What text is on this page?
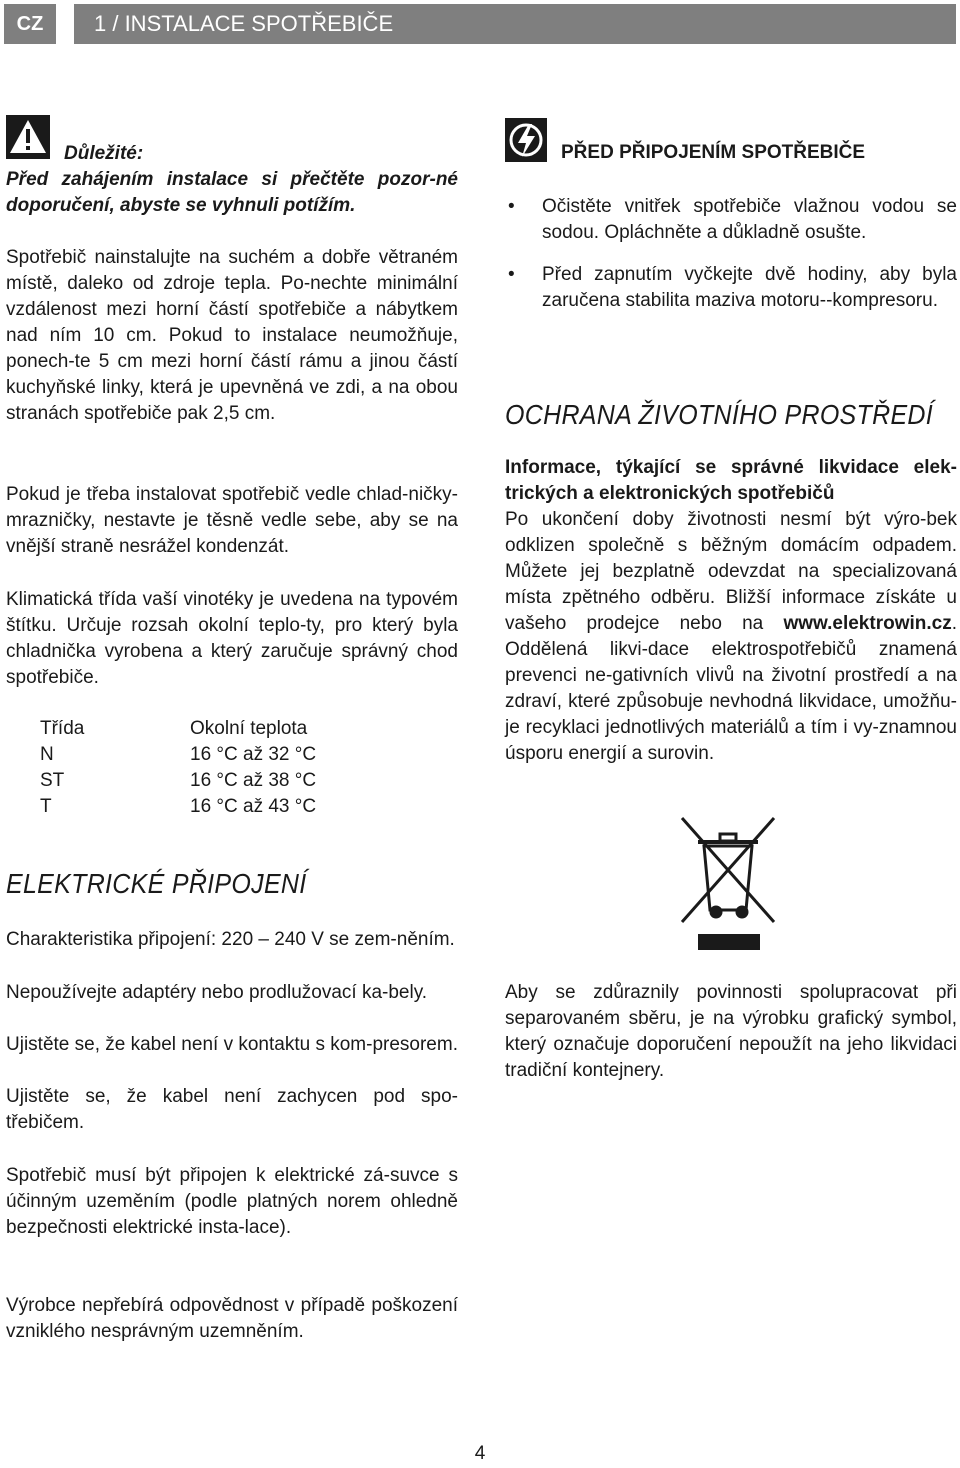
CZ	1 / INSTALACE SPOTŘEBIČE
Důležité:

Před zahájením instalace si přečtěte pozor-né doporučení, abyste se vyhnuli potížím.

Spotřebič nainstalujte na suchém a dobře větraném místě, daleko od zdroje tepla. Po-nechte minimální vzdálenost mezi horní částí spotřebiče a nábytkem nad ním 10 cm. Pokud to instalace neumožňuje, ponech-te 5 cm mezi horní částí rámu a jinou částí kuchyňské linky, která je upevněná ve zdi, a na obou stranách spotřebiče pak 2,5 cm.

Pokud je třeba instalovat spotřebič vedle chlad-ničky-mrazničky, nestavte je těsně vedle sebe, aby se na vnější straně nesrážel kondenzát.

Klimatická třída vaší vinotéky je uvedena na typovém štítku. Určuje rozsah okolní teplo-ty, pro který byla chladnička vyrobena a který zaručuje správný chod spotřebiče.

Třída	Okolní teplota
N	16 °C až 32 °C
ST	16 °C až 38 °C
T	16 °C až 43 °C
ELEKTRICKÉ PŘIPOJENÍ

Charakteristika připojení: 220 – 240 V se zem-něním.

Nepoužívejte adaptéry nebo prodlužovací ka-bely.

Ujistěte se, že kabel není v kontaktu s kom-presorem.

Ujistěte se, že kabel není zachycen pod spo-třebičem.

Spotřebič musí být připojen k elektrické zá-suvce s účinným uzeměním (podle platných norem ohledně bezpečnosti elektrické insta-lace).

Výrobce nepřebírá odpovědnost v případě poškození vzniklého nesprávným uzemněním.

PŘED PŘIPOJENÍM SPOTŘEBIČE
• Očistěte vnitřek spotřebiče vlažnou vodou se sodou. Opláchněte a důkladně osušte.
• Před zapnutím vyčkejte dvě hodiny, aby byla zaručena stabilita maziva motoru--kompresoru.
OCHRANA ŽIVOTNÍHO PROSTŘEDÍ

Informace, týkající se správné likvidace elek-trických a elektronických spotřebičů

Po ukončení doby životnosti nesmí být výro-bek odklizen společně s běžným domácím odpadem. Můžete jej bezplatně odevzdat na specializovaná místa zpětného odběru. Bližší informace získáte u vašeho prodejce nebo na www.elektrowin.cz. Oddělená likvi-dace elektrospotřebičů znamená prevenci ne-gativních vlivů na životní prostředí a na zdraví, které způsobuje nevhodná likvidace, umožňu-je recyklaci jednotlivých materiálů a tím i vy-znamnou úsporu energií a surovin.

Aby se zdůraznily povinnosti spolupracovat při separovaném sběru, je na výrobku grafický symbol, který označuje doporučení nepoužít na jeho likvidaci tradiční kontejnery.

4
